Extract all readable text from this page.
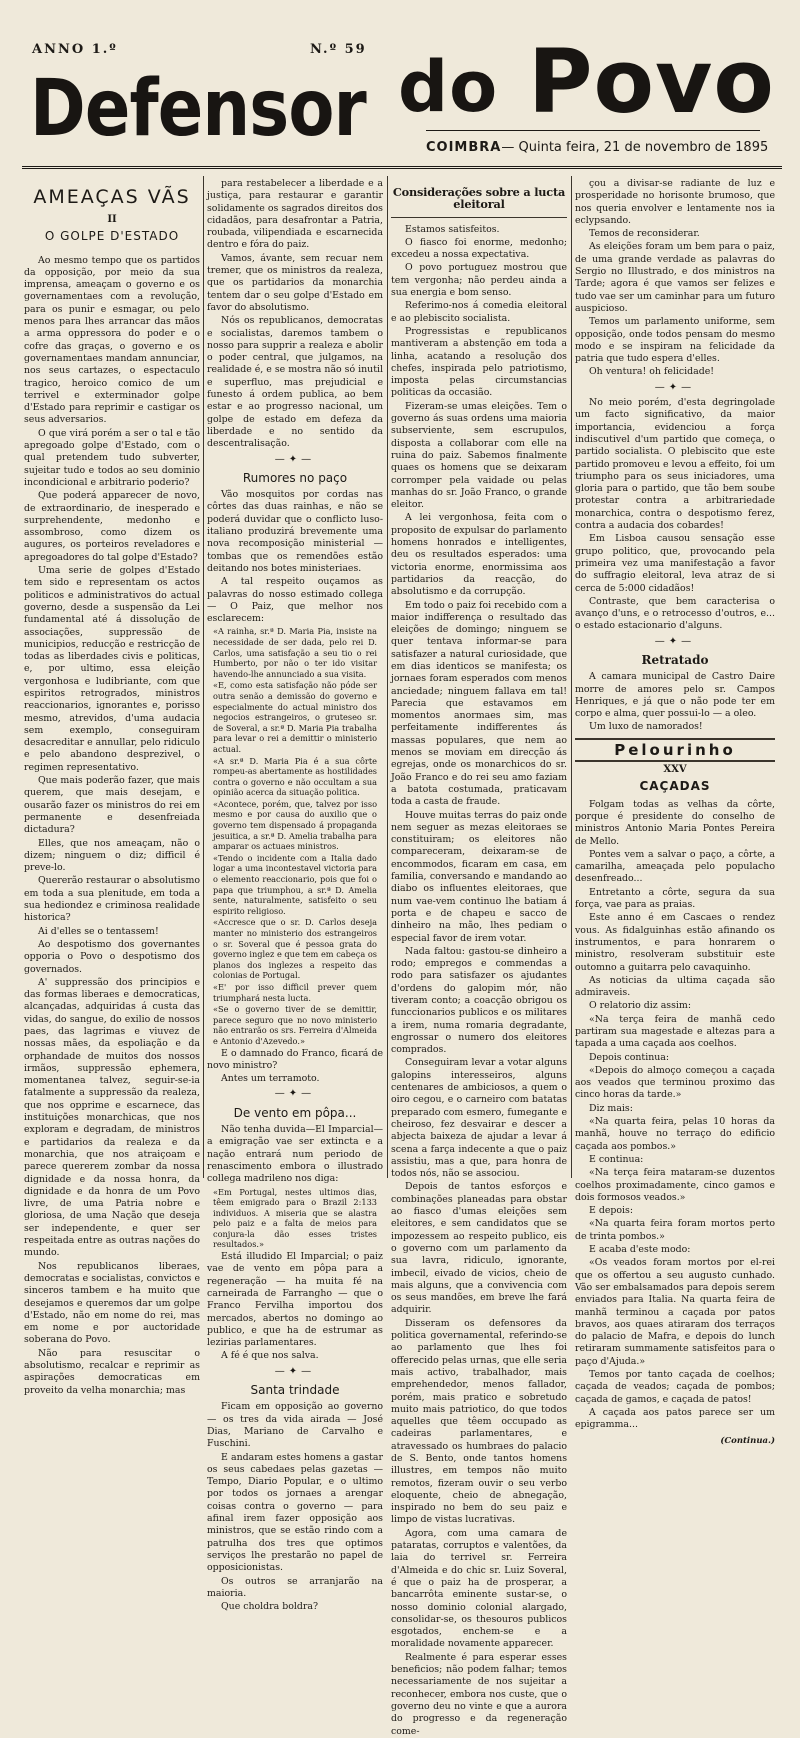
ANNO 1.º	N.º 59
Defensor do Povo
COIMBRA— Quinta feira, 21 de novembro de 1895
AMEAÇAS VÃS
II
O GOLPE D'ESTADO

Ao mesmo tempo que os partidos da opposição, por meio da sua imprensa, ameaçam o governo e os governamentaes com a revolução, para os punir e esmagar, ou pelo menos para lhes arrancar das mãos a arma oppressora do poder e o cofre das graças, o governo e os governamentaes mandam annunciar, nos seus cartazes, o espectaculo tragico, heroico comico de um terrivel e exterminador golpe d'Estado para reprimir e castigar os seus adversarios.

O que virá porém a ser o tal e tão apregoado golpe d'Estado, com o qual pretendem tudo subverter, sujeitar tudo e todos ao seu dominio incondicional e arbitrario poderio?

Que poderá apparecer de novo, de extraordinario, de inesperado e surprehendente, medonho e assombroso, como dizem os augures, os porteiros reveladores e apregoadores do tal golpe d'Estado?

Uma serie de golpes d'Estado tem sido e representam os actos politicos e administrativos do actual governo, desde a suspensão da Lei fundamental até á dissolução de associações, suppressão de municipios, reducção e restricção de todas as liberdades civis e politicas, e, por ultimo, essa eleição vergonhosa e ludibriante, com que espiritos retrogrados, ministros reaccionarios, ignorantes e, porisso mesmo, atrevidos, d'uma audacia sem exemplo, conseguiram desacreditar e annullar, pelo ridiculo e pelo abandono desprezivel, o regimen representativo.

Que mais poderão fazer, que mais querem, que mais desejam, e ousarão fazer os ministros do rei em permanente e desenfreiada dictadura?

Elles, que nos ameaçam, não o dizem; ninguem o diz; difficil é preve-lo.

Quererão restaurar o absolutismo em toda a sua plenitude, em toda a sua hediondez e criminosa realidade historica?

Ai d'elles se o tentassem!

Ao despotismo dos governantes opporia o Povo o despotismo dos governados.

A' suppressão dos principios e das formas liberaes e democraticas, alcançadas, adquiridas á custa das vidas, do sangue, do exilio de nossos paes, das lagrimas e viuvez de nossas mães, da espoliação e da orphandade de muitos dos nossos irmãos, suppressão ephemera, momentanea talvez, seguir-se-ia fatalmente a suppressão da realeza, que nos opprime e escarnece, das instituições monarchicas, que nos exploram e degradam, de ministros e partidarios da realeza e da monarchia, que nos atraiçoam e parece quererem zombar da nossa dignidade e da nossa honra, da dignidade e da honra de um Povo livre, de uma Patria nobre e gloriosa, de uma Nação que deseja ser independente, e quer ser respeitada entre as outras nações do mundo.

Nos republicanos liberaes, democratas e socialistas, convictos e sinceros tambem e ha muito que desejamos e queremos dar um golpe d'Estado, não em nome do rei, mas em nome e por auctoridade soberana do Povo.

Não para resuscitar o absolutismo, recalcar e reprimir as aspirações democraticas em proveito da velha monarchia; mas

para restabelecer a liberdade e a justiça, para restaurar e garantir solidamente os sagrados direitos dos cidadãos, para desafrontar a Patria, roubada, vilipendiada e escarnecida dentro e fóra do paiz.

Vamos, ávante, sem recuar nem tremer, que os ministros da realeza, que os partidarios da monarchia tentem dar o seu golpe d'Estado em favor do absolutismo.

Nós os republicanos, democratas e socialistas, daremos tambem o nosso para supprir a realeza e abolir o poder central, que julgamos, na realidade é, e se mostra não só inutil e superfluo, mas prejudicial e funesto á ordem publica, ao bem estar e ao progresso nacional, um golpe de estado em defeza da liberdade e no sentido da descentralisação.

—✦—
Rumores no paço

Vão mosquitos por cordas nas côrtes das duas rainhas, e não se poderá duvidar que o conflicto luso-italiano produzirá brevemente uma nova recomposição ministerial — tombas que os remendões estão deitando nos botes ministeriaes.

A tal respeito ouçamos as palavras do nosso estimado collega — O Paiz, que melhor nos esclarecem:

«A rainha, sr.ª D. Maria Pia, insiste na necessidade de ser dada, pelo rei D. Carlos, uma satisfação a seu tio o rei Humberto, por não o ter ido visitar havendo-lhe annunciado a sua visita.

«E, como esta satisfação não póde ser outra senão a demissão do governo e especialmente do actual ministro dos negocios estrangeiros, o gruteseo sr. de Soveral, a sr.ª D. Maria Pia trabalha para levar o rei a demittir o ministerio actual.

«A sr.ª D. Maria Pia é a sua côrte rompeu-as abertamente as hostilidades contra o governo e não occultam a sua opinião acerca da situação politica.

«Acontece, porém, que, talvez por isso mesmo e por causa do auxilio que o governo tem dispensado á propaganda jesuitica, a sr.ª D. Amelia trabalha para amparar os actuaes ministros.

«Tendo o incidente com a Italia dado logar a uma incontestavel victoria para o elemento reaccionario, pois que foi o papa que triumphou, a sr.ª D. Amelia sente, naturalmente, satisfeito o seu espirito religioso.

«Accresce que o sr. D. Carlos deseja manter no ministerio dos estrangeiros o sr. Soveral que é pessoa grata do governo inglez e que tem em cabeça os planos dos inglezes a respeito das colonias de Portugal.

«E' por isso difficil prever quem triumphará nesta lucta.

«Se o governo tiver de se demittir, parece seguro que no novo ministerio não entrarão os srs. Ferreira d'Almeida e Antonio d'Azevedo.»

E o damnado do Franco, ficará de novo ministro?

Antes um terramoto.

—✦—
De vento em pôpa...

Não tenha duvida—El Imparcial—a emigração vae ser extincta e a nação entrará num periodo de renascimento embora o illustrado collega madrileno nos diga:

«Em Portugal, nestes ultimos dias, têem emigrado para o Brazil 2:133 individuos. A miseria que se alastra pelo paiz e a falta de meios para conjura-la dão esses tristes resultados.»

Está illudido El Imparcial; o paiz vae de vento em pôpa para a regeneração — ha muita fé na carneirada de Farrangho — que o Franco Fervilha importou dos mercados, abertos no domingo ao publico, e que ha de estrumar as lezirias parlamentares.

A fé é que nos salva.

—✦—
Santa trindade

Ficam em opposição ao governo — os tres da vida airada — José Dias, Mariano de Carvalho e Fuschini.

E andaram estes homens a gastar os seus cabedaes pelas gazetas — Tempo, Diario Popular, e o ultimo por todos os jornaes a arengar coisas contra o governo — para afinal irem fazer opposição aos ministros, que se estão rindo com a patrulha dos tres que optimos serviços lhe prestarão no papel de opposicionistas.

Os outros se arranjarão na maioria.

Que choldra boldra?

Considerações sobre a lucta eleitoral

Estamos satisfeitos.

O fiasco foi enorme, medonho; excedeu a nossa expectativa.

O povo portuguez mostrou que tem vergonha; não perdeu ainda a sua energia e bom senso.

Referimo-nos á comedia eleitoral e ao plebiscito socialista.

Progressistas e republicanos mantiveram a abstenção em toda a linha, acatando a resolução dos chefes, inspirada pelo patriotismo, imposta pelas circumstancias politicas da occasião.

Fizeram-se umas eleições. Tem o governo ás suas ordens uma maioria subserviente, sem escrupulos, disposta a collaborar com elle na ruina do paiz. Sabemos finalmente quaes os homens que se deixaram corromper pela vaidade ou pelas manhas do sr. João Franco, o grande eleitor.

A lei vergonhosa, feita com o proposito de expulsar do parlamento homens honrados e intelligentes, deu os resultados esperados: uma victoria enorme, enormissima aos partidarios da reacção, do absolutismo e da corrupção.

Em todo o paiz foi recebido com a maior indifferença o resultado das eleições de domingo; ninguem se quer tentava informar-se para satisfazer a natural curiosidade, que em dias identicos se manifesta; os jornaes foram esperados com menos anciedade; ninguem fallava em tal! Parecia que estavamos em momentos anormaes sim, mas perfeitamente indifferentes ás massas populares, que nem ao menos se moviam em direcção ás egrejas, onde os monarchicos do sr. João Franco e do rei seu amo faziam a batota costumada, praticavam toda a casta de fraude.

Houve muitas terras do paiz onde nem seguer as mezas eleitoraes se constituiram; os eleitores não compareceram, deixaram-se de encommodos, ficaram em casa, em familia, conversando e mandando ao diabo os influentes eleitoraes, que num vae-vem continuo lhe batiam á porta e de chapeu e sacco de dinheiro na mão, lhes pediam o especial favor de irem votar.

Nada faltou: gastou-se dinheiro a rodo; empregos e commendas a rodo para satisfazer os ajudantes d'ordens do galopim mór, não tiveram conto; a coacção obrigou os funccionarios publicos e os militares a irem, numa romaria degradante, engrossar o numero dos eleitores comprados.

Conseguiram levar a votar alguns galopins interesseiros, alguns centenares de ambiciosos, a quem o oiro cegou, e o carneiro com batatas preparado com esmero, fumegante e cheiroso, fez desvairar e descer a abjecta baixeza de ajudar a levar á scena a farça indecente a que o paiz assistiu, mas a que, para honra de todos nós, não se associou.

Depois de tantos esforços e combinações planeadas para obstar ao fiasco d'umas eleições sem eleitores, e sem candidatos que se impozessem ao respeito publico, eis o governo com um parlamento da sua lavra, ridiculo, ignorante, imbecil, eivado de vicios, cheio de mais alguns, que a convivencia com os seus mandões, em breve lhe fará adquirir.

Disseram os defensores da politica governamental, referindo-se ao parlamento que lhes foi offerecido pelas urnas, que elle seria mais activo, trabalhador, mais emprehendedor, menos fallador, porém, mais pratico e sobretudo muito mais patriotico, do que todos aquelles que têem occupado as cadeiras parlamentares, e atravessado os humbraes do palacio de S. Bento, onde tantos homens illustres, em tempos não muito remotos, fizeram ouvir o seu verbo eloquente, cheio de abnegação, inspirado no bem do seu paiz e limpo de vistas lucrativas.

Agora, com uma camara de pataratas, corruptos e valentões, da laia do terrivel sr. Ferreira d'Almeida e do chic sr. Luiz Soveral, é que o paiz ha de prosperar, a bancarrôta eminente sustar-se, o nosso dominio colonial alargado, consolidar-se, os thesouros publicos esgotados, enchem-se e a moralidade novamente apparecer.

Realmente é para esperar esses beneficios; não podem falhar; temos necessariamente de nos sujeitar a reconhecer, embora nos custe, que o governo deu no vinte e que a aurora do progresso e da regeneração come-

çou a divisar-se radiante de luz e prosperidade no horisonte brumoso, que nos queria envolver e lentamente nos ia eclypsando.

Temos de reconsiderar.

As eleições foram um bem para o paiz, de uma grande verdade as palavras do Sergio no Illustrado, e dos ministros na Tarde; agora é que vamos ser felizes e tudo vae ser um caminhar para um futuro auspicioso.

Temos um parlamento uniforme, sem opposição, onde todos pensam do mesmo modo e se inspiram na felicidade da patria que tudo espera d'elles.

Oh ventura! oh felicidade!

—✦—

No meio porém, d'esta degringolade um facto significativo, da maior importancia, evidenciou a força indiscutivel d'um partido que começa, o partido socialista. O plebiscito que este partido promoveu e levou a effeito, foi um triumpho para os seus iniciadores, uma gloria para o partido, que tão bem soube protestar contra a arbitrariedade monarchica, contra o despotismo ferez, contra a audacia dos cobardes!

Em Lisboa causou sensação esse grupo politico, que, provocando pela primeira vez uma manifestação a favor do suffragio eleitoral, leva atraz de si cerca de 5:000 cidadãos!

Contraste, que bem caracterisa o avanço d'uns, e o retrocesso d'outros, e... o estado estacionario d'alguns.

—✦—
Retratado

A camara municipal de Castro Daire morre de amores pelo sr. Campos Henriques, e já que o não pode ter em corpo e alma, quer possui-lo — a oleo.

Um luxo de namorados!

Pelourinho
XXV
CAÇADAS

Folgam todas as velhas da côrte, porque é presidente do conselho de ministros Antonio Maria Pontes Pereira de Mello.

Pontes vem a salvar o paço, a côrte, a camarilha, ameaçada pelo populacho desenfreado...

Entretanto a côrte, segura da sua força, vae para as praias.

Este anno é em Cascaes o rendez vous. As fidalguinhas estão afinando os instrumentos, e para honrarem o ministro, resolveram substituir este outomno a guitarra pelo cavaquinho.

As noticias da ultima caçada são admiraveis.

O relatorio diz assim:

«Na terça feira de manhã cedo partiram sua magestade e altezas para a tapada a uma caçada aos coelhos.

Depois continua:

«Depois do almoço começou a caçada aos veados que terminou proximo das cinco horas da tarde.»

Diz mais:

«Na quarta feira, pelas 10 horas da manhã, houve no terraço do edificio caçada aos pombos.»

E continua:

«Na terça feira mataram-se duzentos coelhos proximadamente, cinco gamos e dois formosos veados.»

E depois:

«Na quarta feira foram mortos perto de trinta pombos.»

E acaba d'este modo:

«Os veados foram mortos por el-rei que os offertou a seu augusto cunhado. Vão ser embalsamados para depois serem enviados para Italia. Na quarta feira de manhã terminou a caçada por patos bravos, aos quaes atiraram dos terraços do palacio de Mafra, e depois do lunch retiraram summamente satisfeitos para o paço d'Ajuda.»

Temos por tanto caçada de coelhos; caçada de veados; caçada de pombos; caçada de gamos, e caçada de patos!

A caçada aos patos parece ser um epigramma...

(Continua.)
